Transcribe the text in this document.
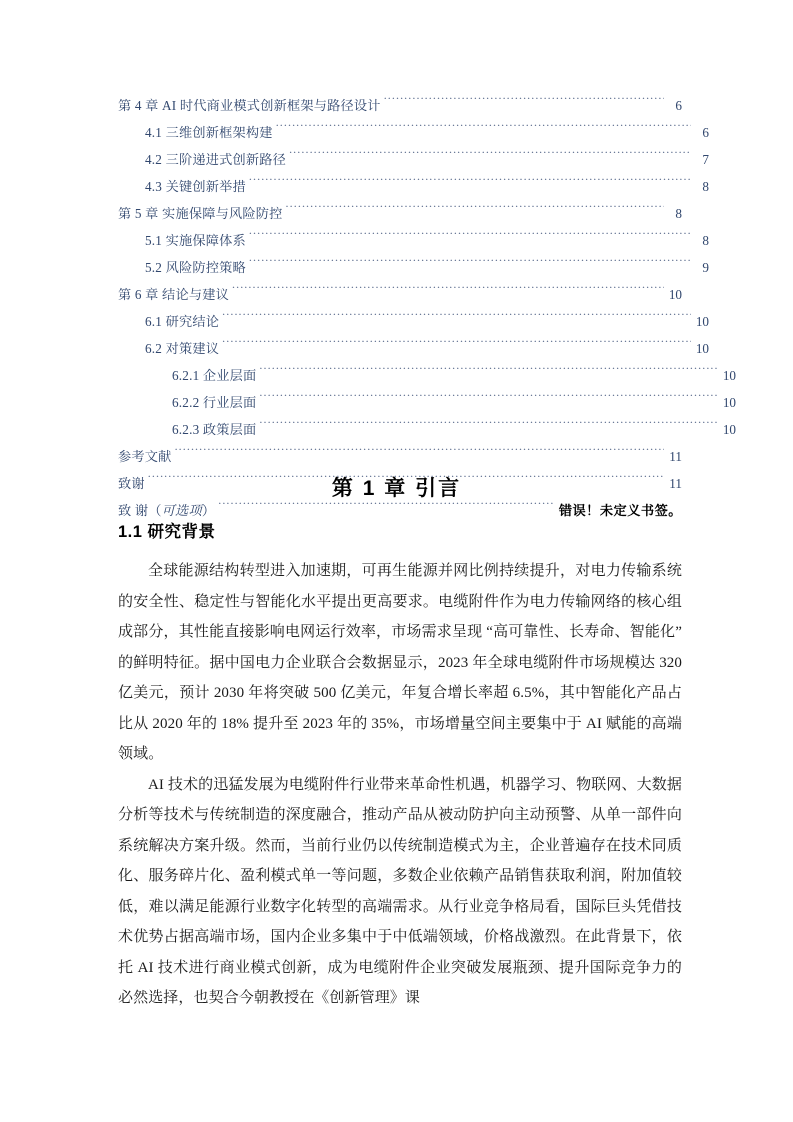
第 4 章 AI 时代商业模式创新框架与路径设计 .....	6
4.1 三维创新框架构建 .....	6
4.2 三阶递进式创新路径 .....	7
4.3 关键创新举措 .....	8
第 5 章 实施保障与风险防控 .....	8
5.1 实施保障体系 .....	8
5.2 风险防控策略 .....	9
第 6 章 结论与建议 .....	10
6.1 研究结论 .....	10
6.2 对策建议 .....	10
6.2.1 企业层面 .....	10
6.2.2 行业层面 .....	10
6.2.3 政策层面 .....	10
参考文献 .....	11
致谢 .....	11
致 谢（可选项） .....	错误！未定义书签。
第 1 章 引言
1.1 研究背景

全球能源结构转型进入加速期，可再生能源并网比例持续提升，对电力传输系统的安全性、稳定性与智能化水平提出更高要求。电缆附件作为电力传输网络的核心组成部分，其性能直接影响电网运行效率，市场需求呈现 “高可靠性、长寿命、智能化” 的鲜明特征。据中国电力企业联合会数据显示，2023 年全球电缆附件市场规模达 320 亿美元，预计 2030 年将突破 500 亿美元，年复合增长率超 6.5%，其中智能化产品占比从 2020 年的 18% 提升至 2023 年的 35%，市场增量空间主要集中于 AI 赋能的高端领域。

AI 技术的迅猛发展为电缆附件行业带来革命性机遇，机器学习、物联网、大数据分析等技术与传统制造的深度融合，推动产品从被动防护向主动预警、从单一部件向系统解决方案升级。然而，当前行业仍以传统制造模式为主，企业普遍存在技术同质化、服务碎片化、盈利模式单一等问题，多数企业依赖产品销售获取利润，附加值较低，难以满足能源行业数字化转型的高端需求。从行业竞争格局看，国际巨头凭借技术优势占据高端市场，国内企业多集中于中低端领域，价格战激烈。在此背景下，依托 AI 技术进行商业模式创新，成为电缆附件企业突破发展瓶颈、提升国际竞争力的必然选择，也契合今朝教授在《创新管理》课
